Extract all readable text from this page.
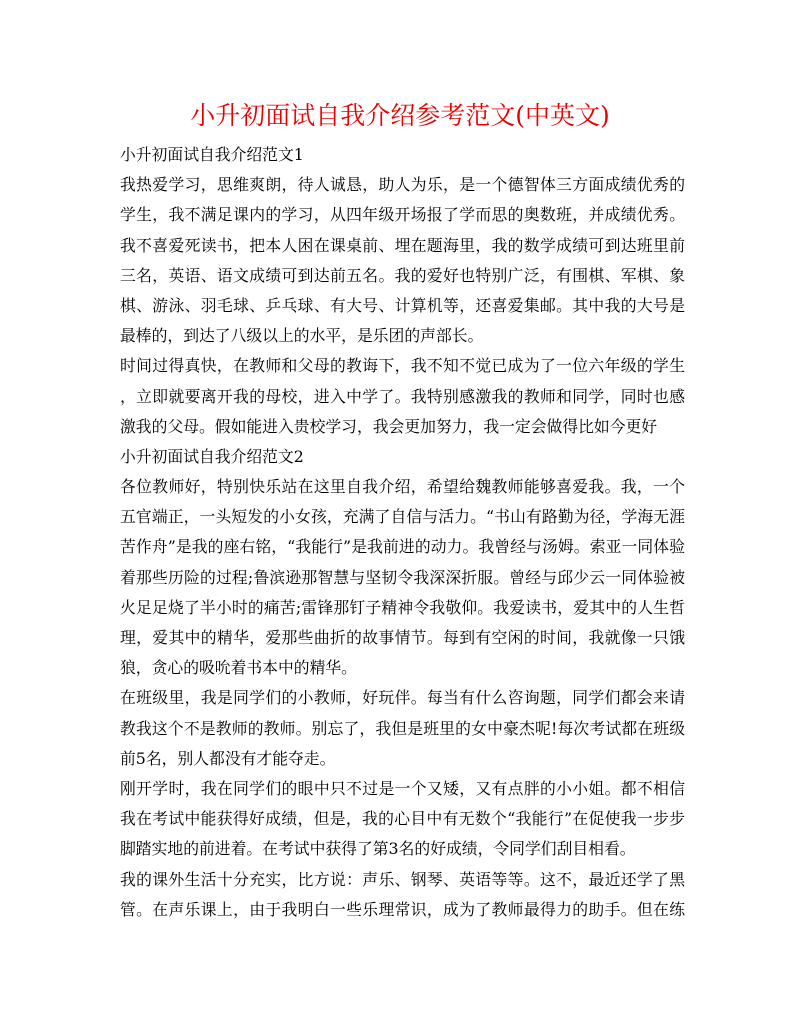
小升初面试自我介绍参考范文(中英文)
小升初面试自我介绍范文1
我热爱学习，思维爽朗，待人诚恳，助人为乐，是一个德智体三方面成绩优秀的
学生，我不满足课内的学习，从四年级开场报了学而思的奥数班，并成绩优秀。
我不喜爱死读书，把本人困在课桌前、埋在题海里，我的数学成绩可到达班里前
三名，英语、语文成绩可到达前五名。我的爱好也特别广泛，有围棋、军棋、象
棋、游泳、羽毛球、乒乓球、有大号、计算机等，还喜爱集邮。其中我的大号是
最棒的，到达了八级以上的水平，是乐团的声部长。
时间过得真快，在教师和父母的教诲下，我不知不觉已成为了一位六年级的学生
，立即就要离开我的母校，进入中学了。我特别感激我的教师和同学，同时也感
激我的父母。假如能进入贵校学习，我会更加努力，我一定会做得比如今更好
小升初面试自我介绍范文2
各位教师好，特别快乐站在这里自我介绍，希望给魏教师能够喜爱我。我，一个
五官端正，一头短发的小女孩，充满了自信与活力。“书山有路勤为径，学海无涯
苦作舟”是我的座右铭，“我能行”是我前进的动力。我曾经与汤姆。索亚一同体验
着那些历险的过程;鲁滨逊那智慧与坚韧令我深深折服。曾经与邱少云一同体验被
火足足烧了半小时的痛苦;雷锋那钉子精神令我敬仰。我爱读书，爱其中的人生哲
理，爱其中的精华，爱那些曲折的故事情节。每到有空闲的时间，我就像一只饿
狼，贪心的吸吮着书本中的精华。
在班级里，我是同学们的小教师，好玩伴。每当有什么咨询题，同学们都会来请
教我这个不是教师的教师。别忘了，我但是班里的女中豪杰呢!每次考试都在班级
前5名，别人都没有才能夺走。
刚开学时，我在同学们的眼中只不过是一个又矮，又有点胖的小小姐。都不相信
我在考试中能获得好成绩，但是，我的心目中有无数个“我能行”在促使我一步步
脚踏实地的前进着。在考试中获得了第3名的好成绩，令同学们刮目相看。
我的课外生活十分充实，比方说：声乐、钢琴、英语等等。这不，最近还学了黑
管。在声乐课上，由于我明白一些乐理常识，成为了教师最得力的助手。但在练
